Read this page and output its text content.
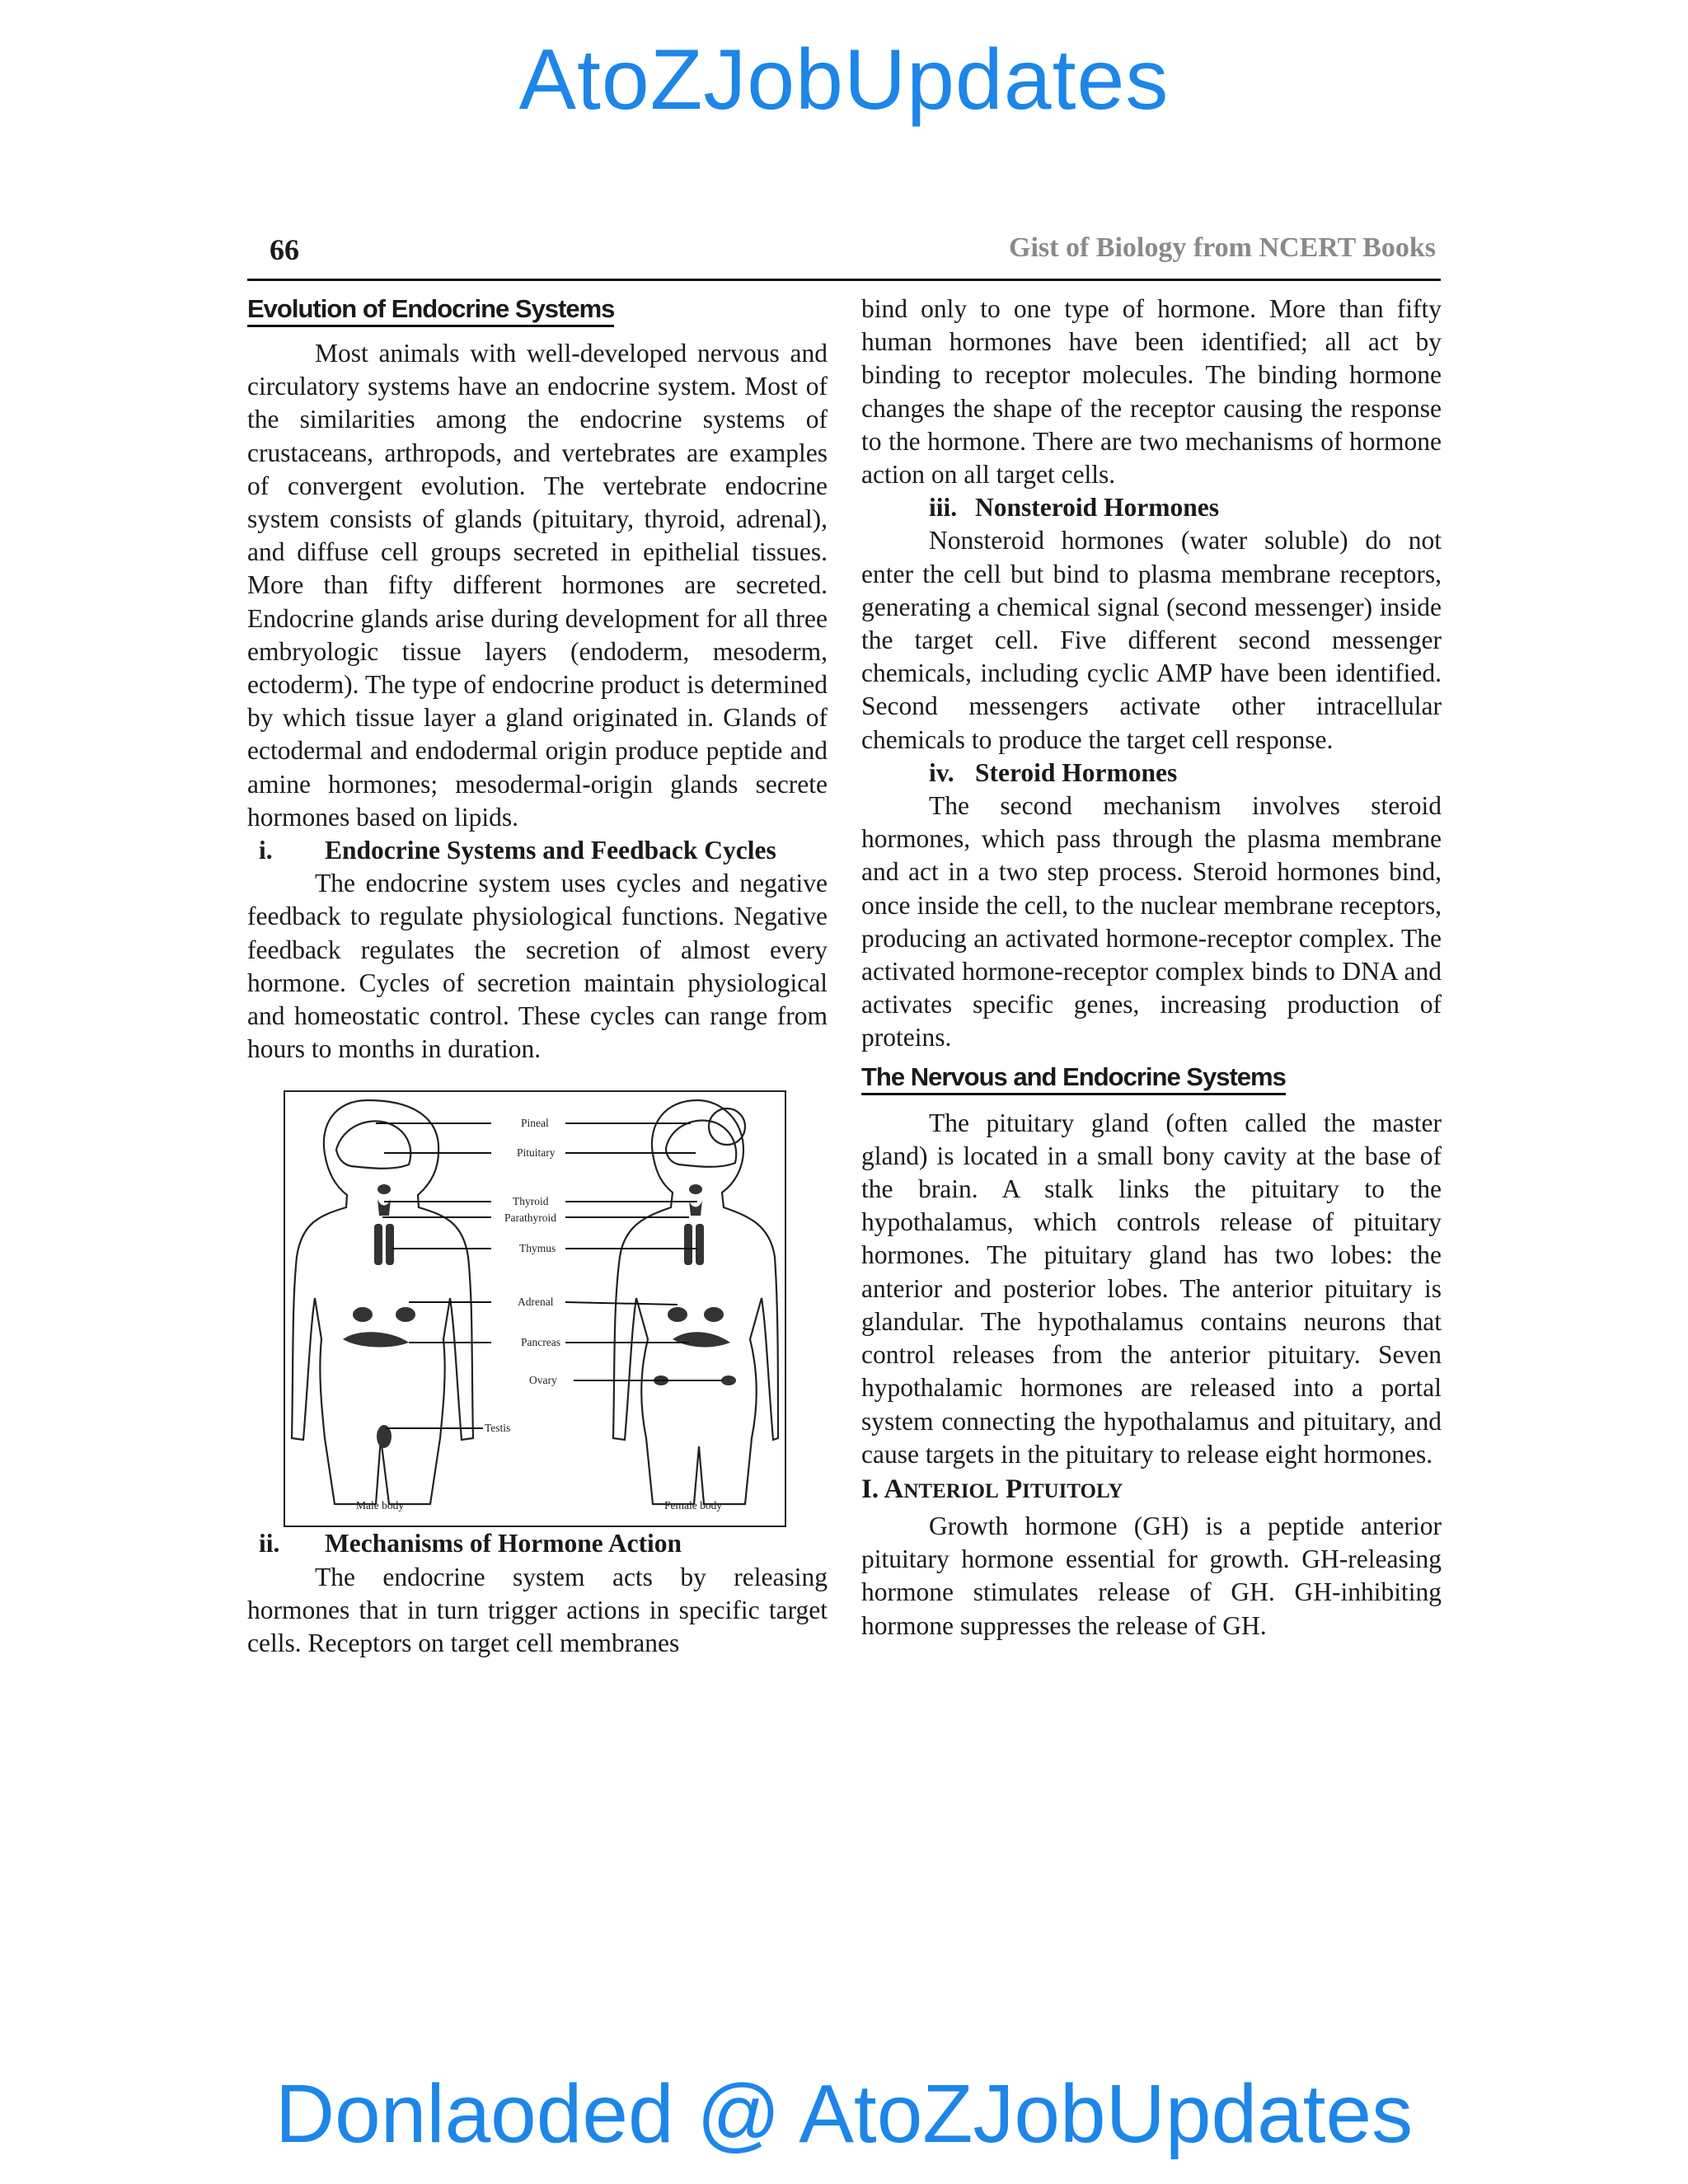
AtoZJobUpdates
66	Gist of Biology from NCERT Books
Evolution of Endocrine Systems

Most animals with well-developed nervous and circulatory systems have an endocrine system. Most of the similarities among the endocrine systems of crustaceans, arthropods, and vertebrates are examples of convergent evolution. The vertebrate endocrine system consists of glands (pituitary, thyroid, adrenal), and diffuse cell groups secreted in epithelial tissues. More than fifty different hormones are secreted. Endocrine glands arise during development for all three embryologic tissue layers (endoderm, mesoderm, ectoderm). The type of endocrine product is determined by which tissue layer a gland originated in. Glands of ectodermal and endodermal origin produce peptide and amine hormones; mesodermal-origin glands secrete hormones based on lipids.

i. Endocrine Systems and Feedback Cycles

The endocrine system uses cycles and negative feedback to regulate physiological functions. Negative feedback regulates the secretion of almost every hormone. Cycles of secretion maintain physiological and homeostatic control. These cycles can range from hours to months in duration.

Pineal
Pituitary
Thyroid
Parathyroid
Thymus
Adrenal
Pancreas
Ovary
Testis
Male body	Female body

ii. Mechanisms of Hormone Action

The endocrine system acts by releasing hormones that in turn trigger actions in specific target cells. Receptors on target cell membranes

bind only to one type of hormone. More than fifty human hormones have been identified; all act by binding to receptor molecules. The binding hormone changes the shape of the receptor causing the response to the hormone. There are two mechanisms of hormone action on all target cells.

iii. Nonsteroid Hormones

Nonsteroid hormones (water soluble) do not enter the cell but bind to plasma membrane receptors, generating a chemical signal (second messenger) inside the target cell. Five different second messenger chemicals, including cyclic AMP have been identified. Second messengers activate other intracellular chemicals to produce the target cell response.

iv. Steroid Hormones

The second mechanism involves steroid hormones, which pass through the plasma membrane and act in a two step process. Steroid hormones bind, once inside the cell, to the nuclear membrane receptors, producing an activated hormone-receptor complex. The activated hormone-receptor complex binds to DNA and activates specific genes, increasing production of proteins.

The Nervous and Endocrine Systems

The pituitary gland (often called the master gland) is located in a small bony cavity at the base of the brain. A stalk links the pituitary to the hypothalamus, which controls release of pituitary hormones. The pituitary gland has two lobes: the anterior and posterior lobes. The anterior pituitary is glandular. The hypothalamus contains neurons that control releases from the anterior pituitary. Seven hypothalamic hormones are released into a portal system connecting the hypothalamus and pituitary, and cause targets in the pituitary to release eight hormones.

I. ANTERIOL PITUITOLY

Growth hormone (GH) is a peptide anterior pituitary hormone essential for growth. GH-releasing hormone stimulates release of GH. GH-inhibiting hormone suppresses the release of GH.

Donlaoded @ AtoZJobUpdates
